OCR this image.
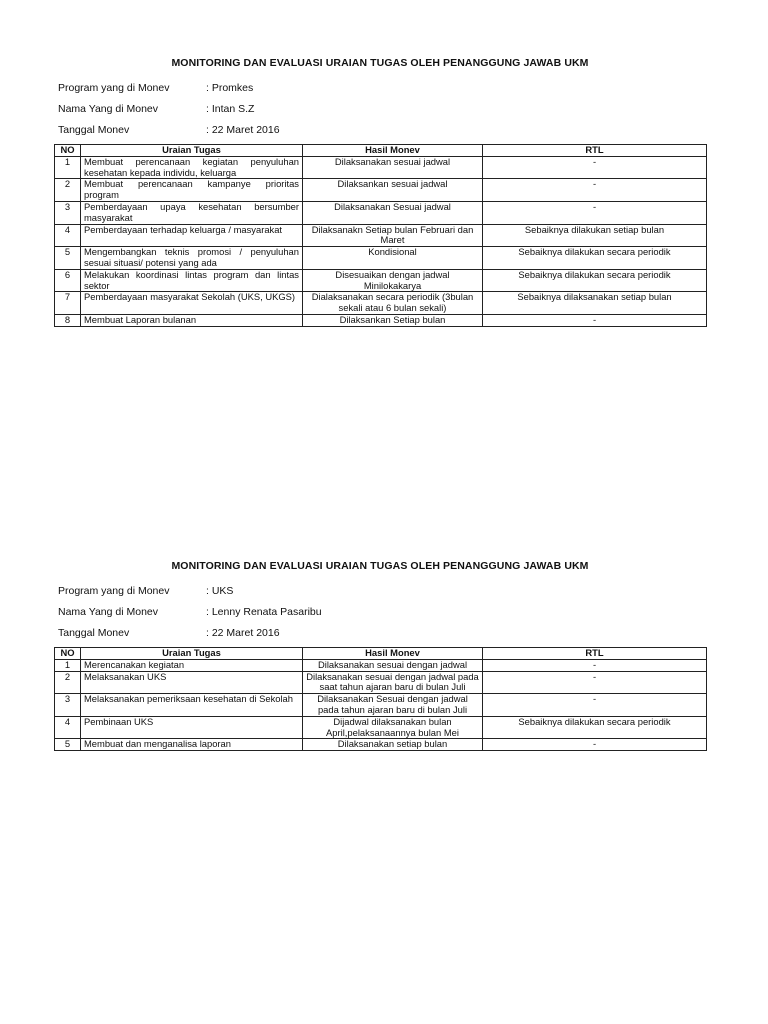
MONITORING DAN EVALUASI URAIAN TUGAS OLEH PENANGGUNG JAWAB UKM
Program yang di Monev	: Promkes
Nama Yang di Monev	: Intan S.Z
Tanggal Monev	: 22 Maret 2016
NO	Uraian Tugas	Hasil Monev	RTL
1	Membuat perencanaan kegiatan penyuluhan kesehatan kepada individu, keluarga	Dilaksanakan sesuai jadwal	-
2	Membuat perencanaan kampanye prioritas program	Dilaksankan sesuai jadwal	-
3	Pemberdayaan upaya kesehatan bersumber masyarakat	Dilaksanakan Sesuai jadwal	-
4	Pemberdayaan terhadap keluarga / masyarakat	Dilaksanakn Setiap bulan Februari dan Maret	Sebaiknya dilakukan setiap bulan
5	Mengembangkan teknis promosi / penyuluhan sesuai situasi/ potensi yang ada	Kondisional	Sebaiknya dilakukan secara periodik
6	Melakukan koordinasi lintas program dan lintas sektor	Disesuaikan dengan jadwal Minilokakarya	Sebaiknya dilakukan secara periodik
7	Pemberdayaan masyarakat Sekolah (UKS, UKGS)	Dialaksanakan secara periodik (3bulan sekali atau 6 bulan sekali)	Sebaiknya dilaksanakan setiap bulan
8	Membuat Laporan bulanan	Dilaksankan Setiap bulan	-
MONITORING DAN EVALUASI URAIAN TUGAS OLEH PENANGGUNG JAWAB UKM
Program yang di Monev	: UKS
Nama Yang di Monev	: Lenny Renata Pasaribu
Tanggal Monev	: 22 Maret 2016
NO	Uraian Tugas	Hasil Monev	RTL
1	Merencanakan kegiatan	Dilaksanakan sesuai dengan jadwal	-
2	Melaksanakan UKS	Dilaksanakan sesuai dengan jadwal pada saat tahun ajaran baru di bulan Juli	-
3	Melaksanakan pemeriksaan kesehatan di Sekolah	Dilaksanakan Sesuai dengan jadwal pada tahun ajaran baru di bulan Juli	-
4	Pembinaan UKS	Dijadwal dilaksanakan bulan April,pelaksanaannya bulan Mei	Sebaiknya dilakukan secara periodik
5	Membuat dan menganalisa laporan	Dilaksanakan setiap bulan	-
